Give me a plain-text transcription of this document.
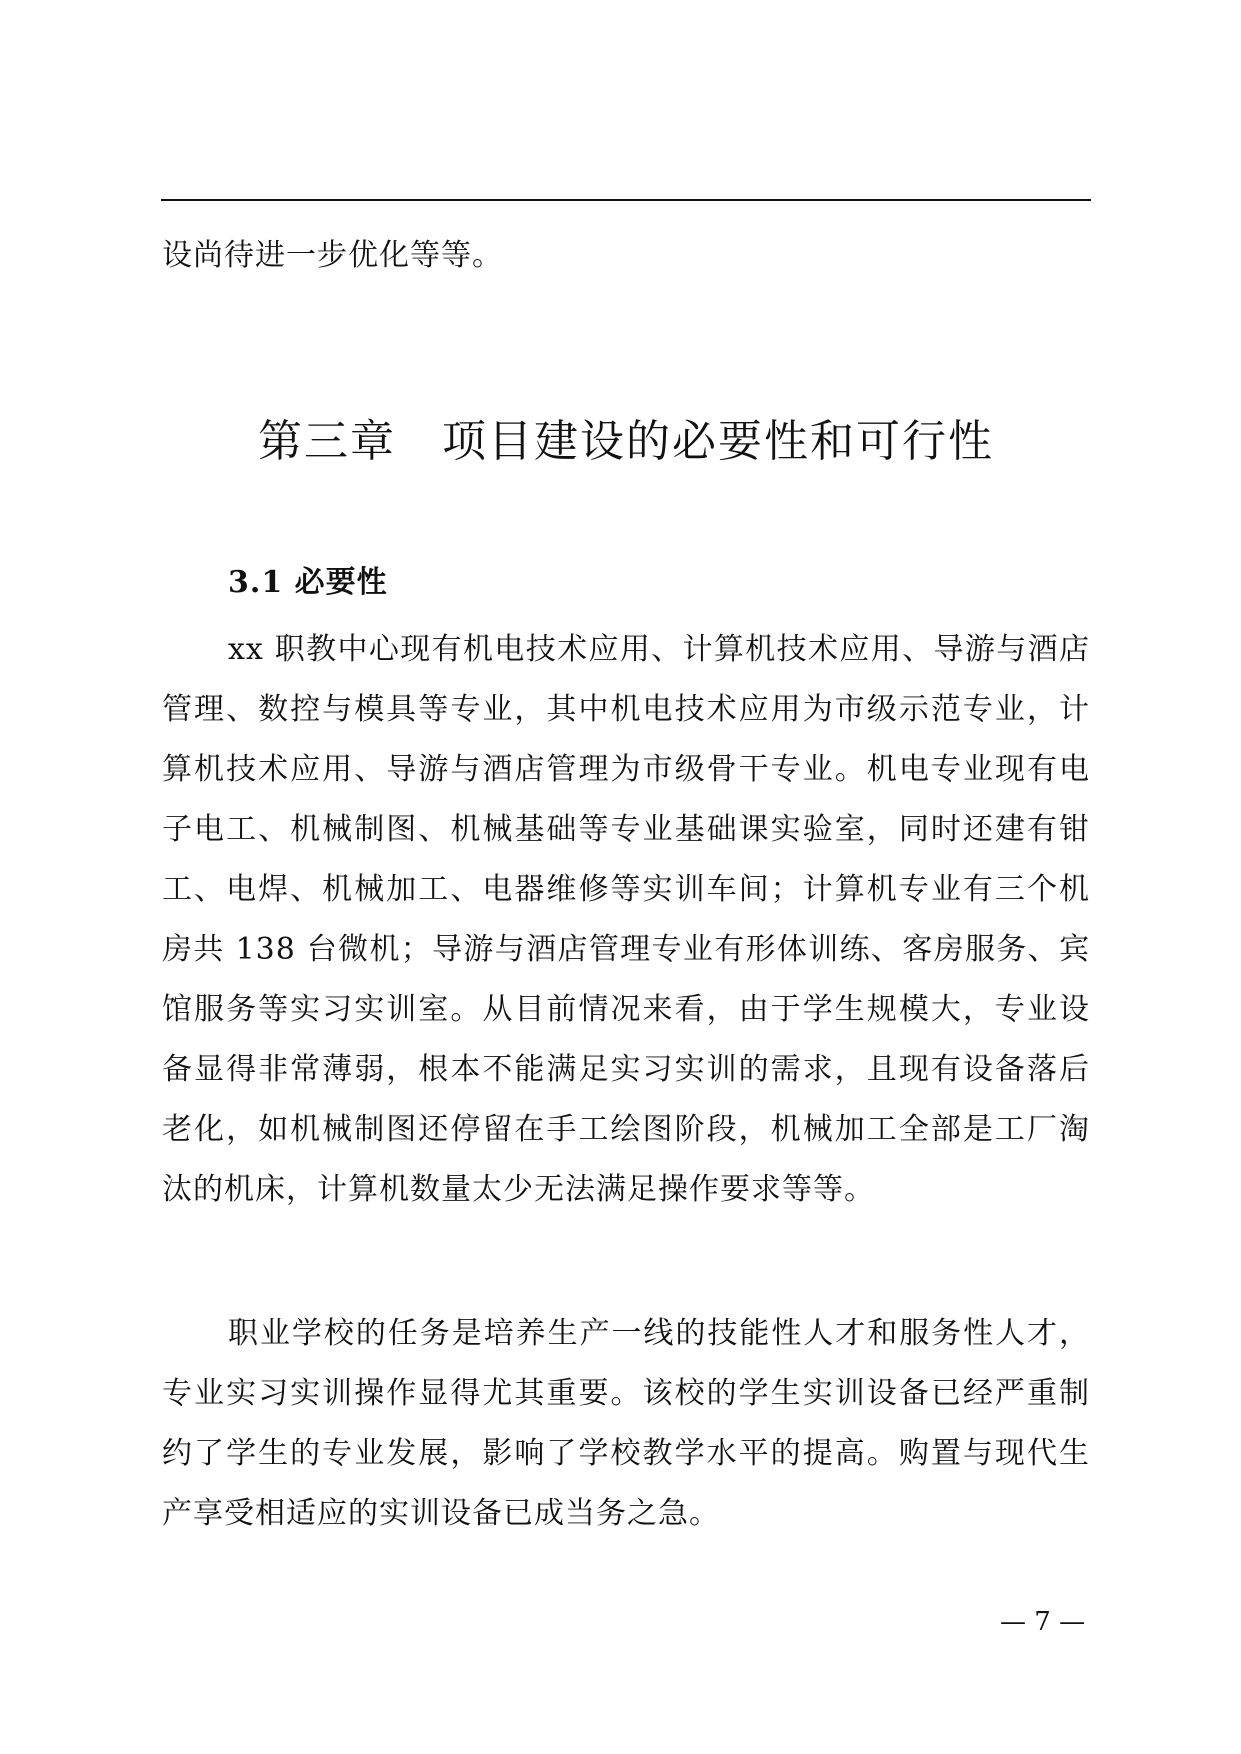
设尚待进一步优化等等。
第三章　项目建设的必要性和可行性
3.1 必要性
xx 职教中心现有机电技术应用、计算机技术应用、导游与酒店管理、数控与模具等专业，其中机电技术应用为市级示范专业，计算机技术应用、导游与酒店管理为市级骨干专业。机电专业现有电子电工、机械制图、机械基础等专业基础课实验室，同时还建有钳工、电焊、机械加工、电器维修等实训车间；计算机专业有三个机房共 138 台微机；导游与酒店管理专业有形体训练、客房服务、宾馆服务等实习实训室。从目前情况来看，由于学生规模大，专业设备显得非常薄弱，根本不能满足实习实训的需求，且现有设备落后老化，如机械制图还停留在手工绘图阶段，机械加工全部是工厂淘汰的机床，计算机数量太少无法满足操作要求等等。
职业学校的任务是培养生产一线的技能性人才和服务性人才，专业实习实训操作显得尤其重要。该校的学生实训设备已经严重制约了学生的专业发展，影响了学校教学水平的提高。购置与现代生产享受相适应的实训设备已成当务之急。
— 7 —
